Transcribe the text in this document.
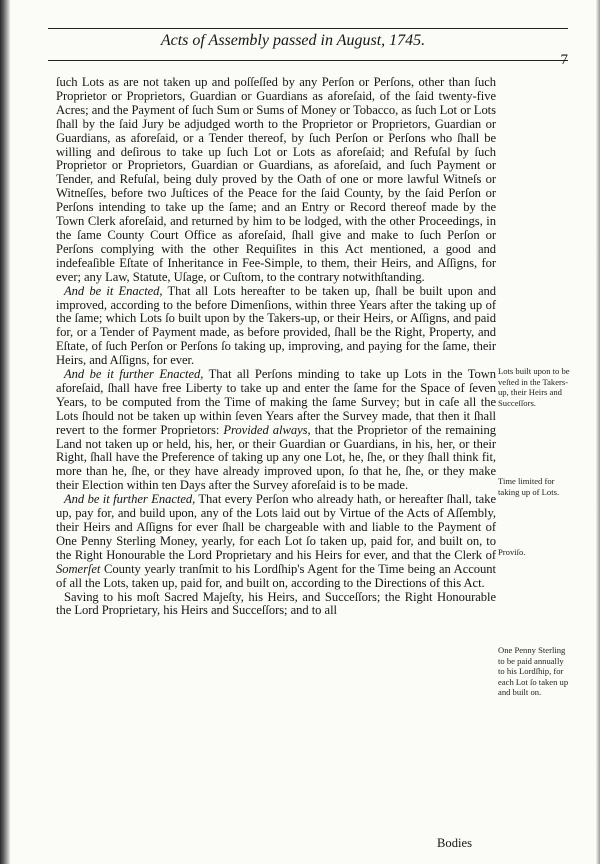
Acts of Assembly passed in August, 1745.
7

ſuch Lots as are not taken up and poſſeſſed by any Perſon or Perſons, other than ſuch Proprietor or Proprietors, Guardian or Guardians as aforeſaid, of the ſaid twenty-five Acres; and the Payment of ſuch Sum or Sums of Money or Tobacco, as ſuch Lot or Lots ſhall by the ſaid Jury be adjudged worth to the Proprietor or Proprietors, Guardian or Guardians, as aforeſaid, or a Tender thereof, by ſuch Perſon or Perſons who ſhall be willing and deſirous to take up ſuch Lot or Lots as aforeſaid; and Refuſal by ſuch Proprietor or Proprietors, Guardian or Guardians, as aforeſaid, and ſuch Payment or Tender, and Refuſal, being duly proved by the Oath of one or more lawful Witneſs or Witneſſes, before two Juſtices of the Peace for the ſaid County, by the ſaid Perſon or Perſons intending to take up the ſame; and an Entry or Record thereof made by the Town Clerk aforeſaid, and returned by him to be lodged, with the other Proceedings, in the ſame County Court Office as aforeſaid, ſhall give and make to ſuch Perſon or Perſons complying with the other Requiſites in this Act mentioned, a good and indefeaſible Eſtate of Inheritance in Fee-Simple, to them, their Heirs, and Aſſigns, for ever; any Law, Statute, Uſage, or Cuſtom, to the contrary notwithſtanding.

And be it Enacted, That all Lots hereafter to be taken up, ſhall be built upon and improved, according to the before Dimenſions, within three Years after the taking up of the ſame; which Lots ſo built upon by the Takers-up, or their Heirs, or Aſſigns, and paid for, or a Tender of Payment made, as before provided, ſhall be the Right, Property, and Eſtate, of ſuch Perſon or Perſons ſo taking up, improving, and paying for the ſame, their Heirs, and Aſſigns, for ever.

And be it further Enacted, That all Perſons minding to take up Lots in the Town aforeſaid, ſhall have free Liberty to take up and enter the ſame for the Space of ſeven Years, to be computed from the Time of making the ſame Survey; but in caſe all the Lots ſhould not be taken up within ſeven Years after the Survey made, that then it ſhall revert to the former Proprietors: Provided always, that the Proprietor of the remaining Land not taken up or held, his, her, or their Guardian or Guardians, in his, her, or their Right, ſhall have the Preference of taking up any one Lot, he, ſhe, or they ſhall think fit, more than he, ſhe, or they have already improved upon, ſo that he, ſhe, or they make their Election within ten Days after the Survey aforeſaid is to be made.

And be it further Enacted, That every Perſon who already hath, or hereafter ſhall, take up, pay for, and build upon, any of the Lots laid out by Virtue of the Acts of Aſſembly, their Heirs and Aſſigns for ever ſhall be chargeable with and liable to the Payment of One Penny Sterling Money, yearly, for each Lot ſo taken up, paid for, and built on, to the Right Honourable the Lord Proprietary and his Heirs for ever, and that the Clerk of Somerſet County yearly tranſmit to his Lordſhip's Agent for the Time being an Account of all the Lots, taken up, paid for, and built on, according to the Directions of this Act.

Saving to his moſt Sacred Majeſty, his Heirs, and Succeſſors; the Right Honourable the Lord Proprietary, his Heirs and Succeſſors; and to all

Lots built upon to be veſted in the Takers-up, their Heirs and Succeſſors.
Time limited for taking up of Lots.
Proviſo.
One Penny Sterling to be paid annually to his Lordſhip, for each Lot ſo taken up and built on.
Bodies
